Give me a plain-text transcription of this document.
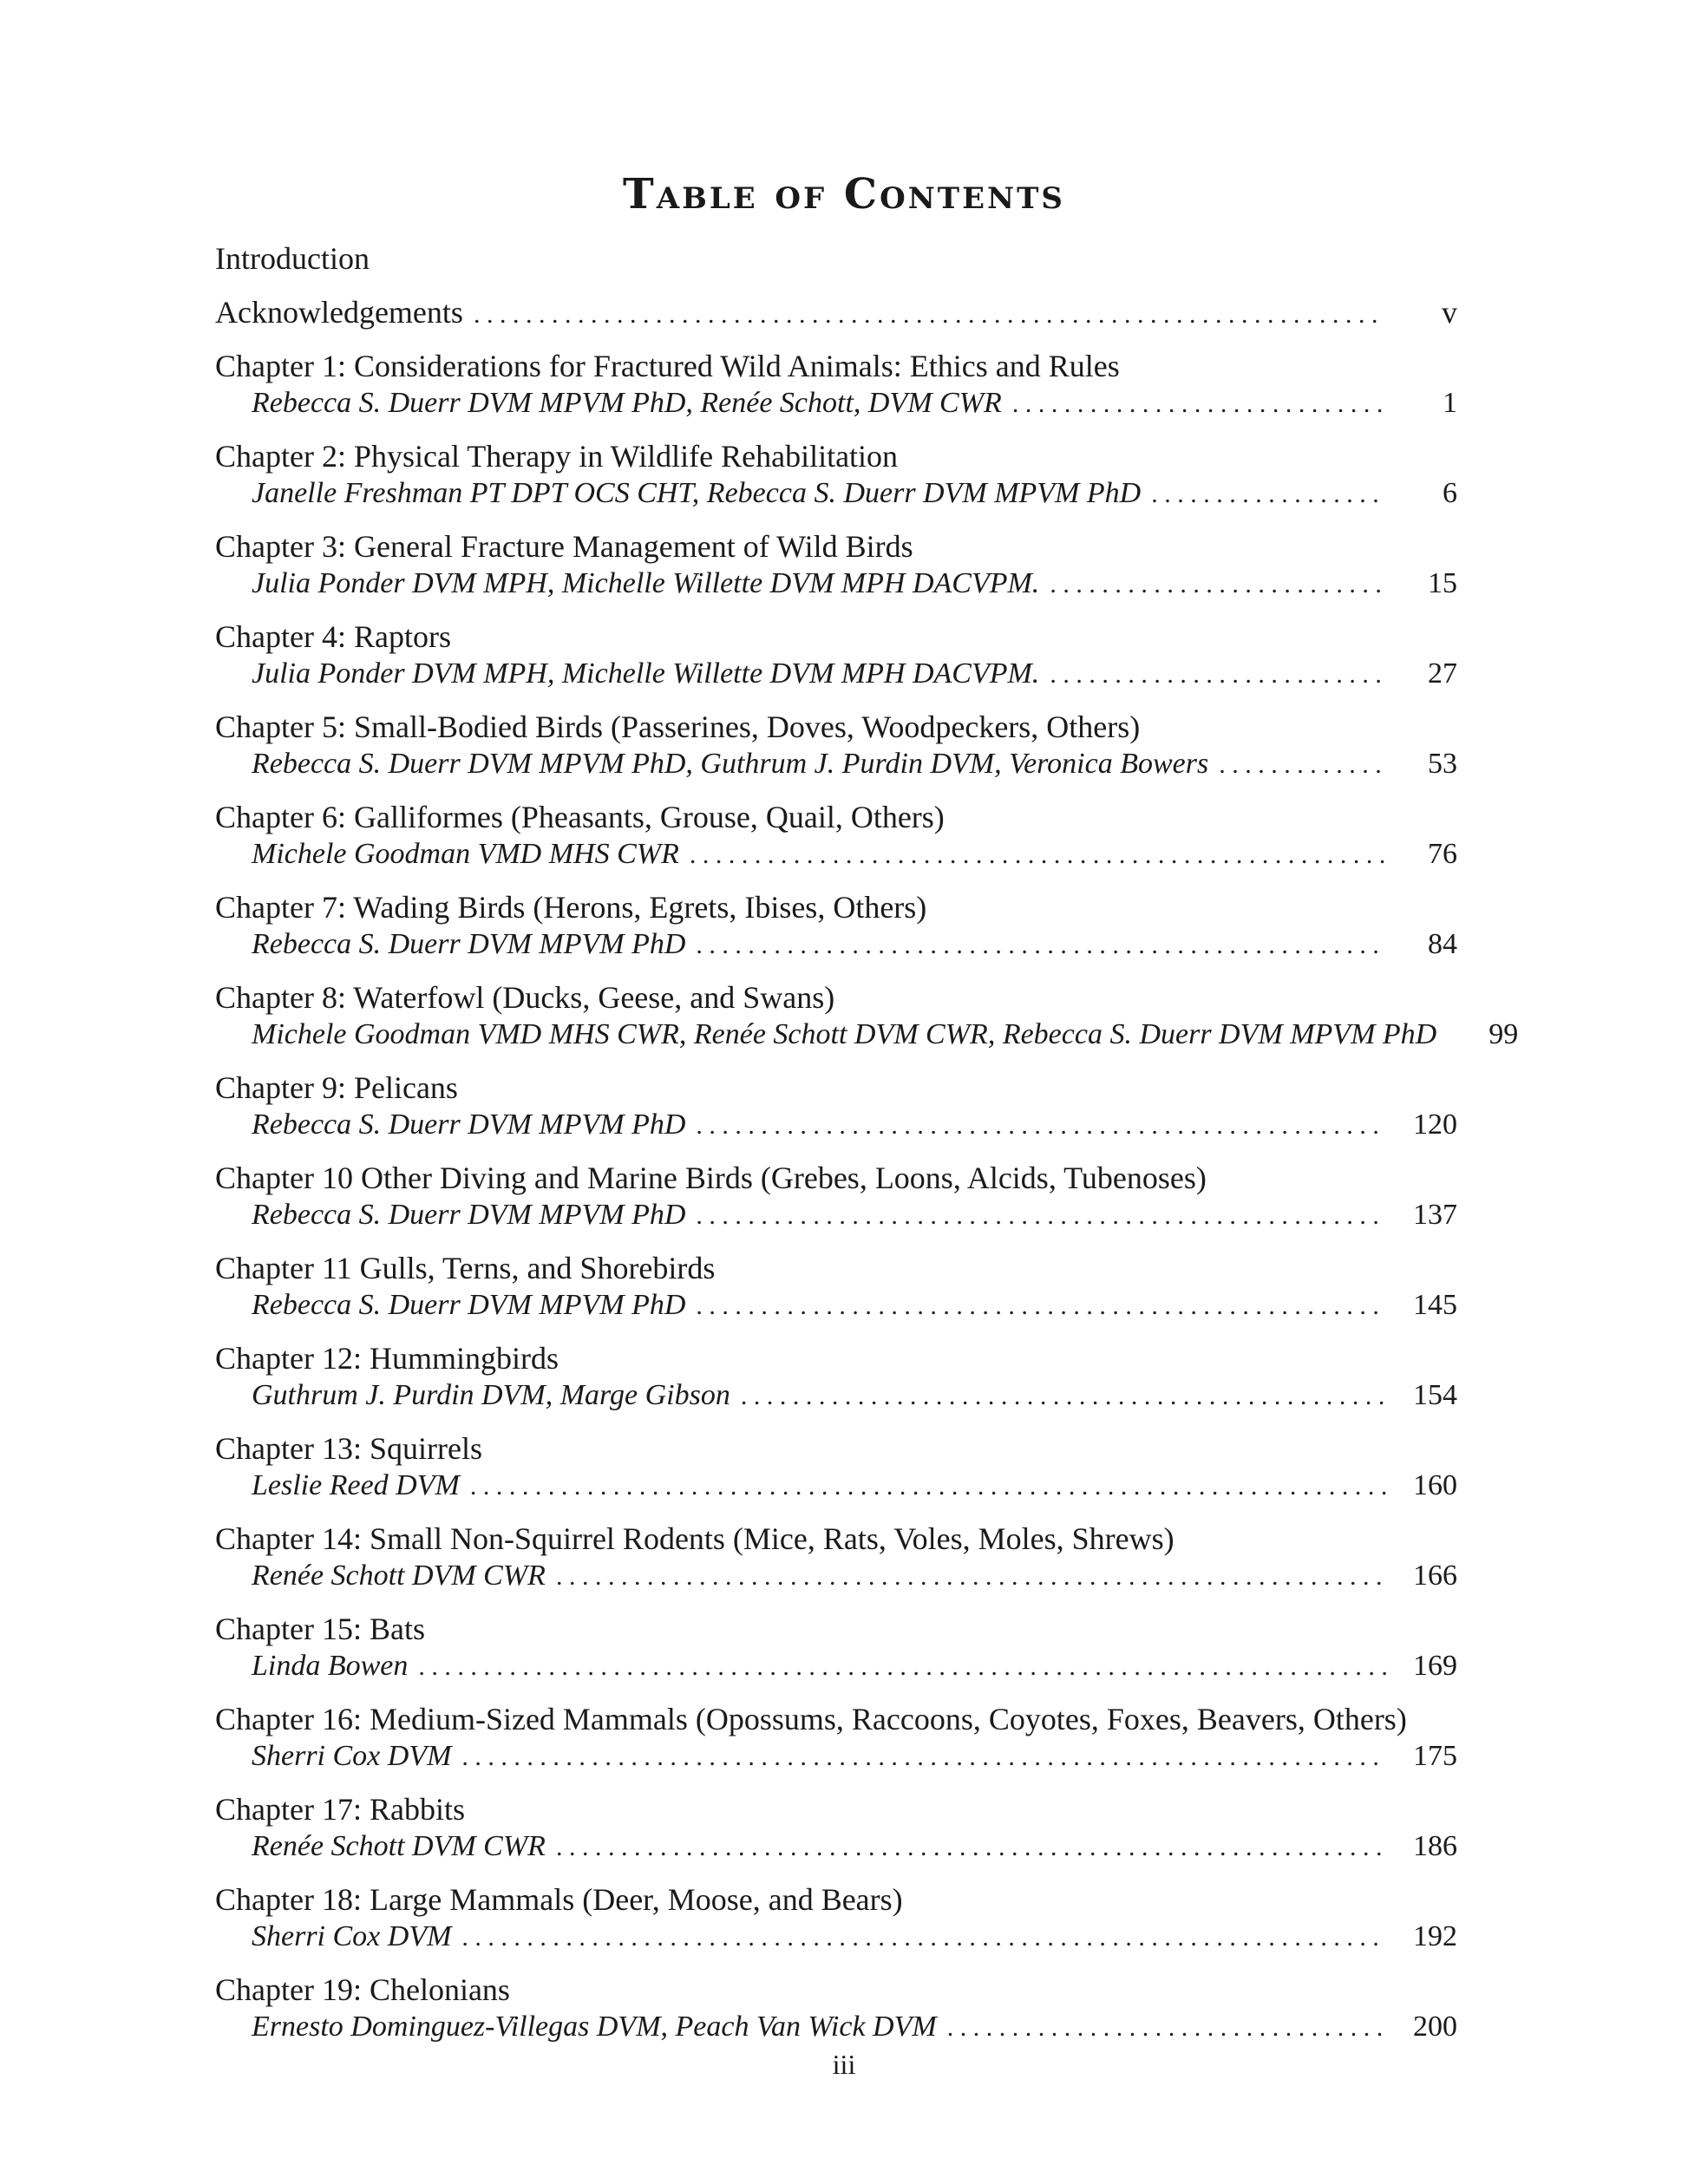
Table of Contents
Introduction
Acknowledgements . . .	v
Chapter 1: Considerations for Fractured Wild Animals: Ethics and Rules
Rebecca S. Duerr DVM MPVM PhD, Renée Schott, DVM CWR . . .	1
Chapter 2: Physical Therapy in Wildlife Rehabilitation
Janelle Freshman PT DPT OCS CHT, Rebecca S. Duerr DVM MPVM PhD . . .	6
Chapter 3: General Fracture Management of Wild Birds
Julia Ponder DVM MPH, Michelle Willette DVM MPH DACVPM. . . .	15
Chapter 4: Raptors
Julia Ponder DVM MPH, Michelle Willette DVM MPH DACVPM. . . .	27
Chapter 5: Small-Bodied Birds (Passerines, Doves, Woodpeckers, Others)
Rebecca S. Duerr DVM MPVM PhD, Guthrum J. Purdin DVM, Veronica Bowers . . .	53
Chapter 6: Galliformes (Pheasants, Grouse, Quail, Others)
Michele Goodman VMD MHS CWR . . .	76
Chapter 7: Wading Birds (Herons, Egrets, Ibises, Others)
Rebecca S. Duerr DVM MPVM PhD . . .	84
Chapter 8: Waterfowl (Ducks, Geese, and Swans)
Michele Goodman VMD MHS CWR, Renée Schott DVM CWR, Rebecca S. Duerr DVM MPVM PhD	99
Chapter 9: Pelicans
Rebecca S. Duerr DVM MPVM PhD . . .	120
Chapter 10 Other Diving and Marine Birds (Grebes, Loons, Alcids, Tubenoses)
Rebecca S. Duerr DVM MPVM PhD . . .	137
Chapter 11 Gulls, Terns, and Shorebirds
Rebecca S. Duerr DVM MPVM PhD . . .	145
Chapter 12: Hummingbirds
Guthrum J. Purdin DVM, Marge Gibson . . .	154
Chapter 13: Squirrels
Leslie Reed DVM . . .	160
Chapter 14: Small Non-Squirrel Rodents (Mice, Rats, Voles, Moles, Shrews)
Renée Schott DVM CWR . . .	166
Chapter 15: Bats
Linda Bowen . . .	169
Chapter 16: Medium-Sized Mammals (Opossums, Raccoons, Coyotes, Foxes, Beavers, Others)
Sherri Cox DVM . . .	175
Chapter 17: Rabbits
Renée Schott DVM CWR . . .	186
Chapter 18: Large Mammals (Deer, Moose, and Bears)
Sherri Cox DVM . . .	192
Chapter 19: Chelonians
Ernesto Dominguez-Villegas DVM, Peach Van Wick DVM . . .	200
iii
